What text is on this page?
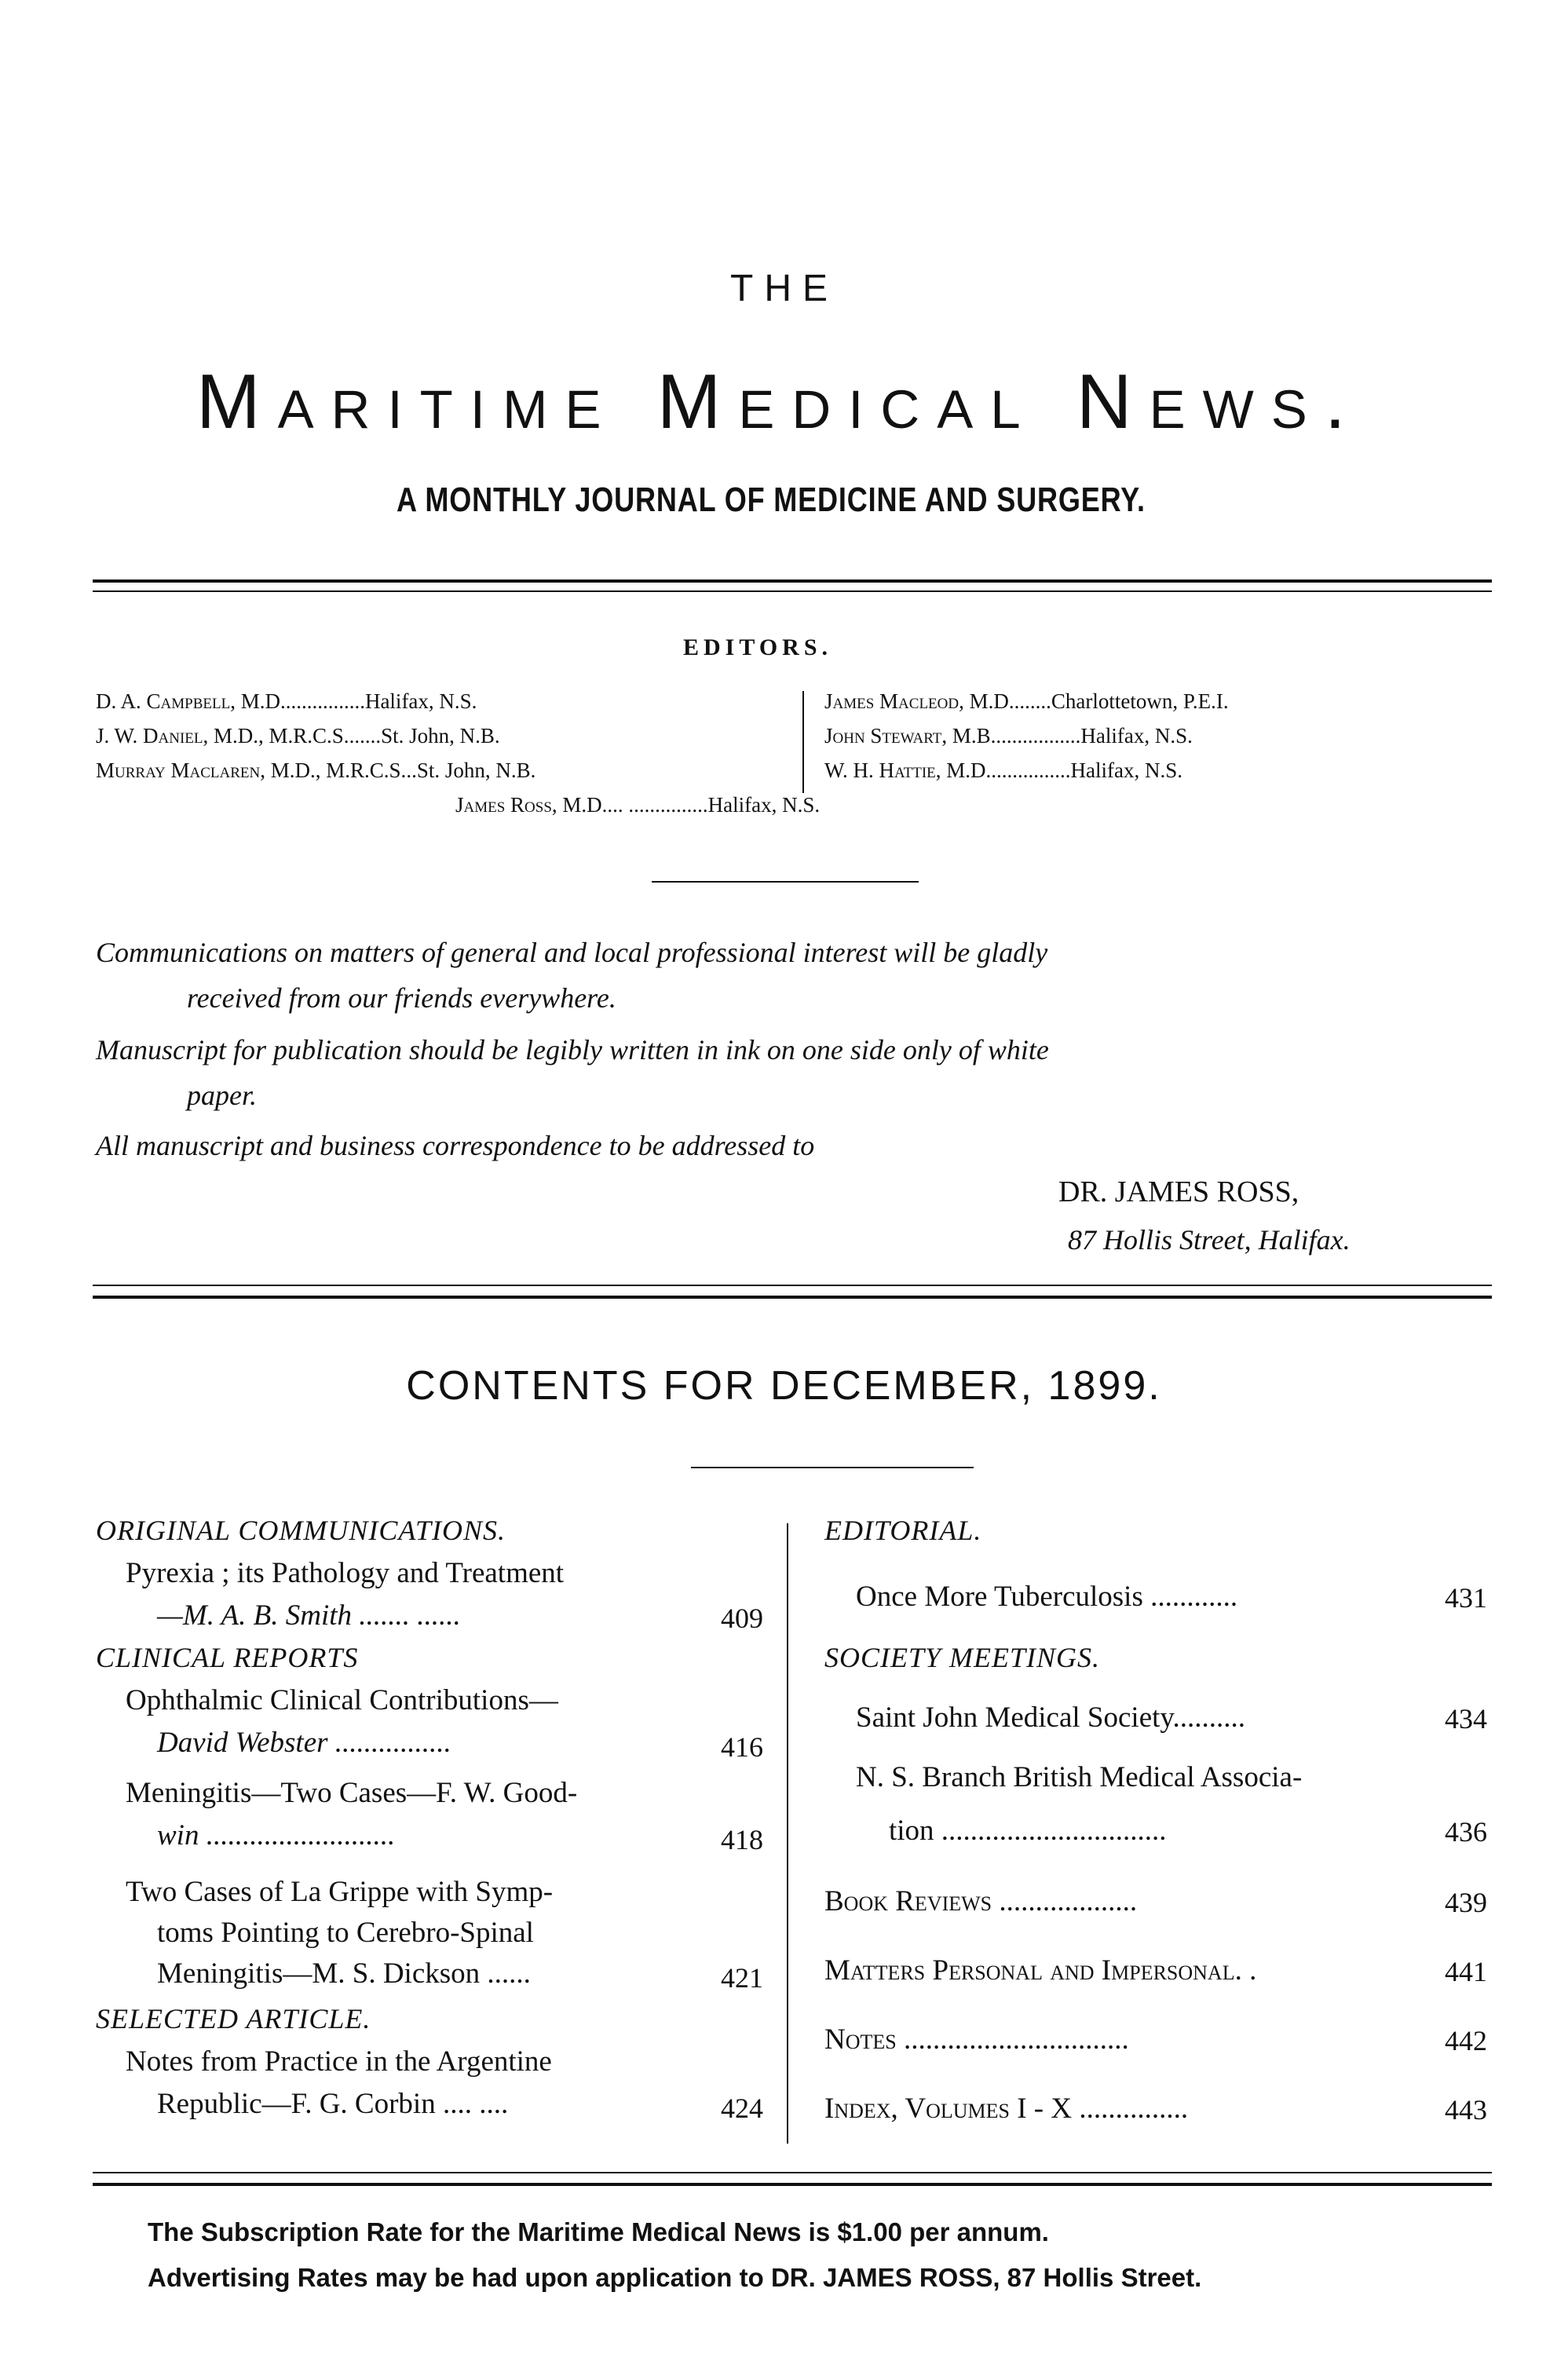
THE
Maritime Medical News.
A MONTHLY JOURNAL OF MEDICINE AND SURGERY.
EDITORS.
D. A. Campbell, M.D................Halifax, N.S.
J. W. Daniel, M.D., M.R.C.S.......St. John, N.B.
Murray Maclaren, M.D., M.R.C.S...St. John, N.B.
James Macleod, M.D........Charlottetown, P.E.I.
John Stewart, M.B.................Halifax, N.S.
W. H. Hattie, M.D................Halifax, N.S.
James Ross, M.D.... ...............Halifax, N.S.
Communications on matters of general and local professional interest will be gladly
received from our friends everywhere.
Manuscript for publication should be legibly written in ink on one side only of white
paper.
All manuscript and business correspondence to be addressed to
DR. JAMES ROSS,
87 Hollis Street, Halifax.
CONTENTS FOR DECEMBER, 1899.
ORIGINAL COMMUNICATIONS.
Pyrexia ; its Pathology and Treatment
—M. A. B. Smith ....... ......	409
CLINICAL REPORTS
Ophthalmic Clinical Contributions—
David Webster ................	416
Meningitis—Two Cases—F. W. Good-
win ..........................	418
Two Cases of La Grippe with Symp-
toms Pointing to Cerebro-Spinal
Meningitis—M. S. Dickson ......	421
SELECTED ARTICLE.
Notes from Practice in the Argentine
Republic—F. G. Corbin .... ....	424
EDITORIAL.
Once More Tuberculosis ............	431
SOCIETY MEETINGS.
Saint John Medical Society..........	434
N. S. Branch British Medical Associa-
tion ...............................	436
Book Reviews ...................	439
Matters Personal and Impersonal. .	441
Notes ...............................	442
Index, Volumes I - X ...............	443
The Subscription Rate for the Maritime Medical News is $1.00 per annum.
Advertising Rates may be had upon application to DR. JAMES ROSS, 87 Hollis Street.
